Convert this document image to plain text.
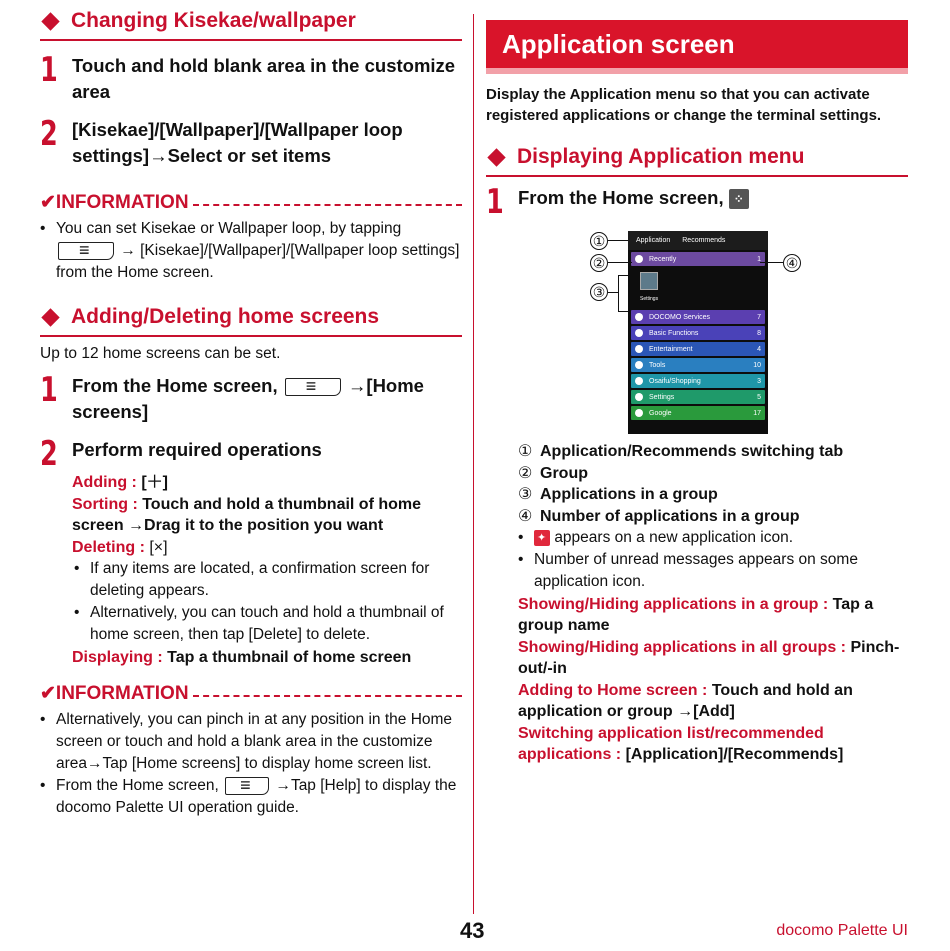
Changing Kisekae/wallpaper
1 Touch and hold blank area in the customize area
2 [Kisekae]/[Wallpaper]/[Wallpaper loop settings]→Select or set items
✔INFORMATION
• You can set Kisekae or Wallpaper loop, by tapping ≡ → [Kisekae]/[Wallpaper]/[Wallpaper loop settings] from the Home screen.
Adding/Deleting home screens
Up to 12 home screens can be set.
1 From the Home screen, ≡	→[Home screens]
2 Perform required operations
Adding : [＋]
Sorting : Touch and hold a thumbnail of home screen →Drag it to the position you want
Deleting : [×]
• If any items are located, a confirmation screen for deleting appears.
• Alternatively, you can touch and hold a thumbnail of home screen, then tap [Delete] to delete.
Displaying : Tap a thumbnail of home screen
✔INFORMATION
• Alternatively, you can pinch in at any position in the Home screen or touch and hold a blank area in the customize area→Tap [Home screens] to display home screen list.
• From the Home screen, ≡	→Tap [Help] to display the docomo Palette UI operation guide.
Application screen
Display the Application menu so that you can activate registered applications or change the terminal settings.
Displaying Application menu
1 From the Home screen, ⁘
Application Recommends
Recently	1
Settings
DOCOMO Services	7
Basic Functions	8
Entertainment	4
Tools	10
Osaifu/Shopping	3
Settings	5
Google	17
①
②
③
④
① Application/Recommends switching tab
② Group
③ Applications in a group
④ Number of applications in a group
• ✦	appears on a new application icon.
• Number of unread messages appears on some application icon.
Showing/Hiding applications in a group : Tap a group name
Showing/Hiding applications in all groups : Pinch-out/-in
Adding to Home screen : Touch and hold an application or group →[Add]
Switching application list/recommended applications : [Application]/[Recommends]
43	docomo Palette UI
